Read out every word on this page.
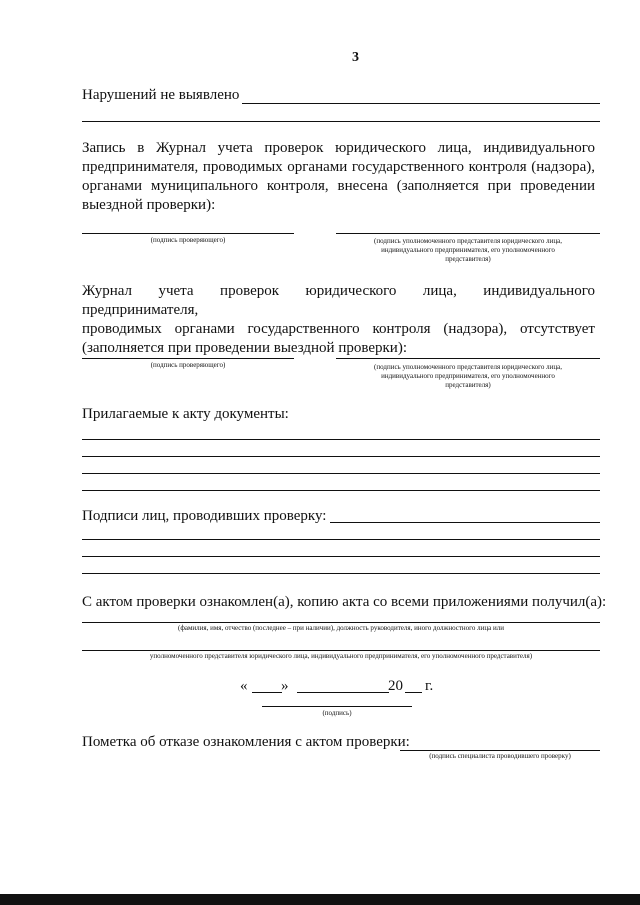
3
Нарушений не выявлено
Запись в Журнал учета проверок юридического лица, индивидуального
предпринимателя, проводимых органами государственного контроля (надзора),
органами муниципального контроля, внесена (заполняется при проведении
выездной проверки):
(подпись проверяющего)	(подпись уполномоченного представителя юридического лица,
индивидуального предпринимателя, его уполномоченного
представителя)
Журнал учета проверок юридического лица, индивидуального предпринимателя,
проводимых органами государственного контроля (надзора), отсутствует
(заполняется при проведении выездной проверки):
(подпись проверяющего)	(подпись уполномоченного представителя юридического лица,
индивидуального предпринимателя, его уполномоченного
представителя)
Прилагаемые к акту документы:
Подписи лиц, проводивших проверку:
С актом проверки ознакомлен(а), копию акта со всеми приложениями получил(а):
(фамилия, имя, отчество (последнее – при наличии), должность руководителя, иного должностного лица или
уполномоченного представителя юридического лица, индивидуального предпринимателя, его уполномоченного представителя)
« »	20 г.
(подпись)
Пометка об отказе ознакомления с актом проверки:
(подпись специалиста проводившего проверку)
